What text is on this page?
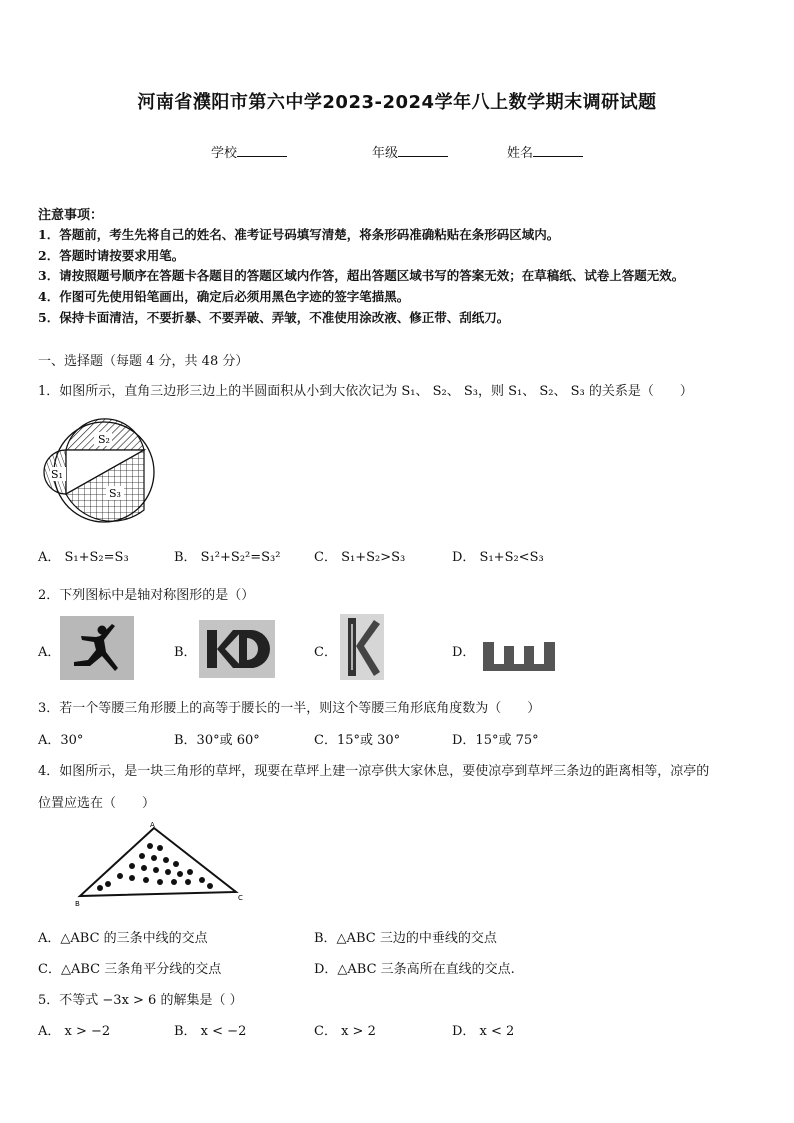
河南省濮阳市第六中学2023-2024学年八上数学期末调研试题
学校	年级	姓名
注意事项：
1．答题前，考生先将自己的姓名、准考证号码填写清楚，将条形码准确粘贴在条形码区域内。
2．答题时请按要求用笔。
3．请按照题号顺序在答题卡各题目的答题区域内作答，超出答题区域书写的答案无效；在草稿纸、试卷上答题无效。
4．作图可先使用铅笔画出，确定后必须用黑色字迹的签字笔描黑。
5．保持卡面清洁，不要折暴、不要弄破、弄皱，不准使用涂改液、修正带、刮纸刀。
一、选择题（每题 4 分，共 48 分）
1．如图所示，直角三边形三边上的半圆面积从小到大依次记为 S₁、 S₂、 S₃，则 S₁、 S₂、 S₃ 的关系是（　　）
S₂
S₁
S₃
A． S₁+S₂=S₃	B． S₁²+S₂²=S₃²	C． S₁+S₂>S₃	D． S₁+S₂<S₃
2．下列图标中是轴对称图形的是（）
A．	B．	C．	D．
3．若一个等腰三角形腰上的高等于腰长的一半，则这个等腰三角形底角度数为（　　）
A．30°	B．30°或 60°	C．15°或 30°	D．15°或 75°
4．如图所示，是一块三角形的草坪，现要在草坪上建一凉亭供大家休息，要使凉亭到草坪三条边的距离相等，凉亭的
位置应选在（　　）
A
B
C
A．△ABC 的三条中线的交点	B．△ABC 三边的中垂线的交点
C．△ABC 三条角平分线的交点	D．△ABC 三条高所在直线的交点.
5．不等式 −3x > 6 的解集是（ ）
A． x > −2	B． x < −2	C． x > 2	D． x < 2
